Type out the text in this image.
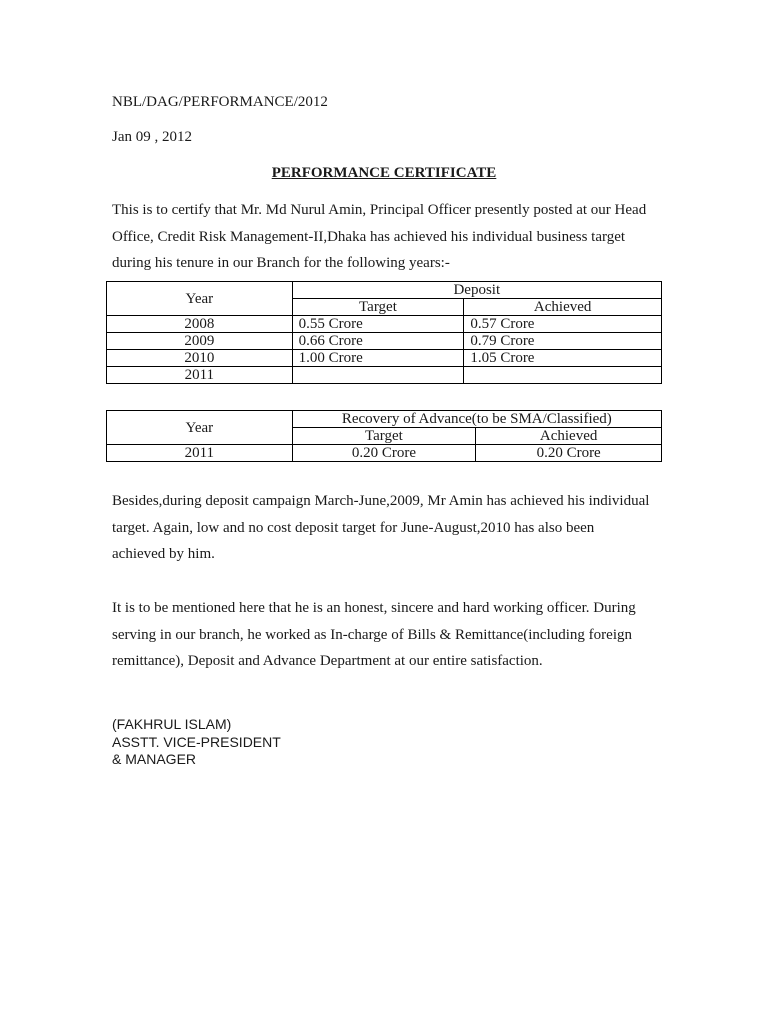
NBL/DAG/PERFORMANCE/2012
Jan 09 , 2012
PERFORMANCE CERTIFICATE
This is to certify that Mr. Md Nurul Amin, Principal Officer presently posted at our Head
Office, Credit Risk Management-II,Dhaka has achieved his individual business target
during his tenure in our Branch for the following years:-
Year	Deposit	
	Target	Achieved
2008	0.55 Crore	0.57 Crore
2009	0.66 Crore	0.79 Crore
2010	1.00 Crore	1.05 Crore
2011		
Year	Recovery of Advance(to be SMA/Classified)	
	Target	Achieved
2011	0.20 Crore	0.20 Crore
Besides,during deposit campaign March-June,2009, Mr Amin has achieved his individual
target. Again, low and no cost deposit target for June-August,2010 has also been
achieved by him.
It is to be mentioned here that he is an honest, sincere and hard working officer. During
serving in our branch, he worked as In-charge of Bills & Remittance(including foreign
remittance), Deposit and Advance Department at our entire satisfaction.
(FAKHRUL ISLAM)
ASSTT. VICE-PRESIDENT
& MANAGER
